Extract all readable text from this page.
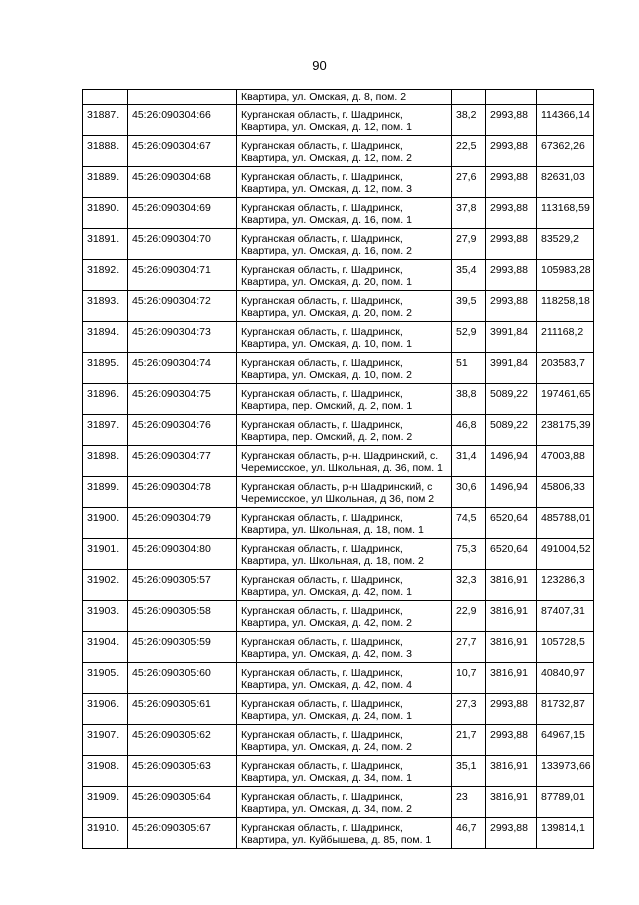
90
		Квартира, ул. Омская, д. 8, пом. 2			
31887.	45:26:090304:66	Курганская область, г. Шадринск,
Квартира, ул. Омская, д. 12, пом. 1	38,2	2993,88	114366,14
31888.	45:26:090304:67	Курганская область, г. Шадринск,
Квартира, ул. Омская, д. 12, пом. 2	22,5	2993,88	67362,26
31889.	45:26:090304:68	Курганская область, г. Шадринск,
Квартира, ул. Омская, д. 12, пом. 3	27,6	2993,88	82631,03
31890.	45:26:090304:69	Курганская область, г. Шадринск,
Квартира, ул. Омская, д. 16, пом. 1	37,8	2993,88	113168,59
31891.	45:26:090304:70	Курганская область, г. Шадринск,
Квартира, ул. Омская, д. 16, пом. 2	27,9	2993,88	83529,2
31892.	45:26:090304:71	Курганская область, г. Шадринск,
Квартира, ул. Омская, д. 20, пом. 1	35,4	2993,88	105983,28
31893.	45:26:090304:72	Курганская область, г. Шадринск,
Квартира, ул. Омская, д. 20, пом. 2	39,5	2993,88	118258,18
31894.	45:26:090304:73	Курганская область, г. Шадринск,
Квартира, ул. Омская, д. 10, пом. 1	52,9	3991,84	211168,2
31895.	45:26:090304:74	Курганская область, г. Шадринск,
Квартира, ул. Омская, д. 10, пом. 2	51	3991,84	203583,7
31896.	45:26:090304:75	Курганская область, г. Шадринск,
Квартира, пер. Омский, д. 2, пом. 1	38,8	5089,22	197461,65
31897.	45:26:090304:76	Курганская область, г. Шадринск,
Квартира, пер. Омский, д. 2, пом. 2	46,8	5089,22	238175,39
31898.	45:26:090304:77	Курганская область, р-н. Шадринский, с.
Черемисское, ул. Школьная, д. 36, пом. 1	31,4	1496,94	47003,88
31899.	45:26:090304:78	Курганская область, р-н Шадринский, с
Черемисское, ул Школьная, д 36, пом 2	30,6	1496,94	45806,33
31900.	45:26:090304:79	Курганская область, г. Шадринск,
Квартира, ул. Школьная, д. 18, пом. 1	74,5	6520,64	485788,01
31901.	45:26:090304:80	Курганская область, г. Шадринск,
Квартира, ул. Школьная, д. 18, пом. 2	75,3	6520,64	491004,52
31902.	45:26:090305:57	Курганская область, г. Шадринск,
Квартира, ул. Омская, д. 42, пом. 1	32,3	3816,91	123286,3
31903.	45:26:090305:58	Курганская область, г. Шадринск,
Квартира, ул. Омская, д. 42, пом. 2	22,9	3816,91	87407,31
31904.	45:26:090305:59	Курганская область, г. Шадринск,
Квартира, ул. Омская, д. 42, пом. 3	27,7	3816,91	105728,5
31905.	45:26:090305:60	Курганская область, г. Шадринск,
Квартира, ул. Омская, д. 42, пом. 4	10,7	3816,91	40840,97
31906.	45:26:090305:61	Курганская область, г. Шадринск,
Квартира, ул. Омская, д. 24, пом. 1	27,3	2993,88	81732,87
31907.	45:26:090305:62	Курганская область, г. Шадринск,
Квартира, ул. Омская, д. 24, пом. 2	21,7	2993,88	64967,15
31908.	45:26:090305:63	Курганская область, г. Шадринск,
Квартира, ул. Омская, д. 34, пом. 1	35,1	3816,91	133973,66
31909.	45:26:090305:64	Курганская область, г. Шадринск,
Квартира, ул. Омская, д. 34, пом. 2	23	3816,91	87789,01
31910.	45:26:090305:67	Курганская область, г. Шадринск,
Квартира, ул. Куйбышева, д. 85, пом. 1	46,7	2993,88	139814,1
